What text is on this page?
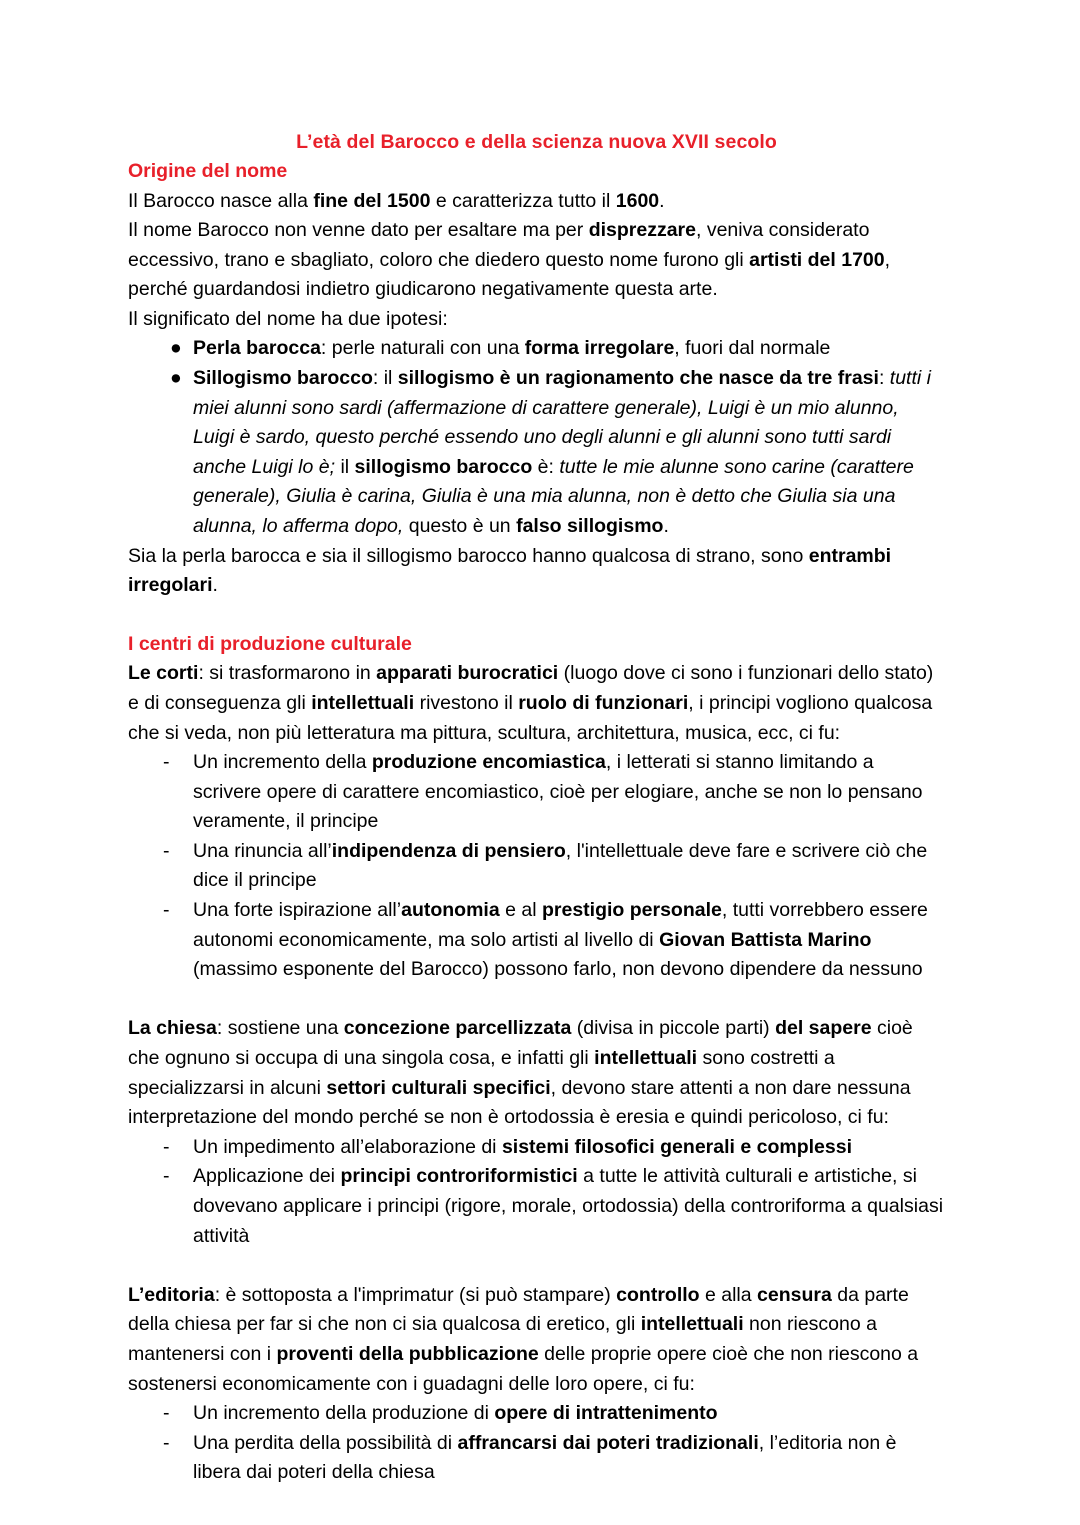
L’età del Barocco e della scienza nuova XVII secolo
Origine del nome

Il Barocco nasce alla fine del 1500 e caratterizza tutto il 1600.

Il nome Barocco non venne dato per esaltare ma per disprezzare, veniva considerato eccessivo, trano e sbagliato, coloro che diedero questo nome furono gli artisti del 1700, perché guardandosi indietro giudicarono negativamente questa arte.

Il significato del nome ha due ipotesi:

● Perla barocca: perle naturali con una forma irregolare, fuori dal normale
● Sillogismo barocco: il sillogismo è un ragionamento che nasce da tre frasi: tutti i miei alunni sono sardi (affermazione di carattere generale), Luigi è un mio alunno, Luigi è sardo, questo perché essendo uno degli alunni e gli alunni sono tutti sardi anche Luigi lo è; il sillogismo barocco è: tutte le mie alunne sono carine (carattere generale), Giulia è carina, Giulia è una mia alunna, non è detto che Giulia sia una alunna, lo afferma dopo, questo è un falso sillogismo.

Sia la perla barocca e sia il sillogismo barocco hanno qualcosa di strano, sono entrambi irregolari.

I centri di produzione culturale

Le corti: si trasformarono in apparati burocratici (luogo dove ci sono i funzionari dello stato) e di conseguenza gli intellettuali rivestono il ruolo di funzionari, i principi vogliono qualcosa che si veda, non più letteratura ma pittura, scultura, architettura, musica, ecc, ci fu:

- Un incremento della produzione encomiastica, i letterati si stanno limitando a scrivere opere di carattere encomiastico, cioè per elogiare, anche se non lo pensano veramente, il principe
- Una rinuncia all’indipendenza di pensiero, l'intellettuale deve fare e scrivere ciò che dice il principe
- Una forte ispirazione all’autonomia e al prestigio personale, tutti vorrebbero essere autonomi economicamente, ma solo artisti al livello di Giovan Battista Marino (massimo esponente del Barocco) possono farlo, non devono dipendere da nessuno

La chiesa: sostiene una concezione parcellizzata (divisa in piccole parti) del sapere cioè che ognuno si occupa di una singola cosa, e infatti gli intellettuali sono costretti a specializzarsi in alcuni settori culturali specifici, devono stare attenti a non dare nessuna interpretazione del mondo perché se non è ortodossia è eresia e quindi pericoloso, ci fu:

- Un impedimento all’elaborazione di sistemi filosofici generali e complessi
- Applicazione dei principi controriformistici a tutte le attività culturali e artistiche, si dovevano applicare i principi (rigore, morale, ortodossia) della controriforma a qualsiasi attività

L’editoria: è sottoposta a l'imprimatur (si può stampare) controllo e alla censura da parte della chiesa per far si che non ci sia qualcosa di eretico, gli intellettuali non riescono a mantenersi con i proventi della pubblicazione delle proprie opere cioè che non riescono a sostenersi economicamente con i guadagni delle loro opere, ci fu:

- Un incremento della produzione di opere di intrattenimento
- Una perdita della possibilità di affrancarsi dai poteri tradizionali, l’editoria non è libera dai poteri della chiesa
